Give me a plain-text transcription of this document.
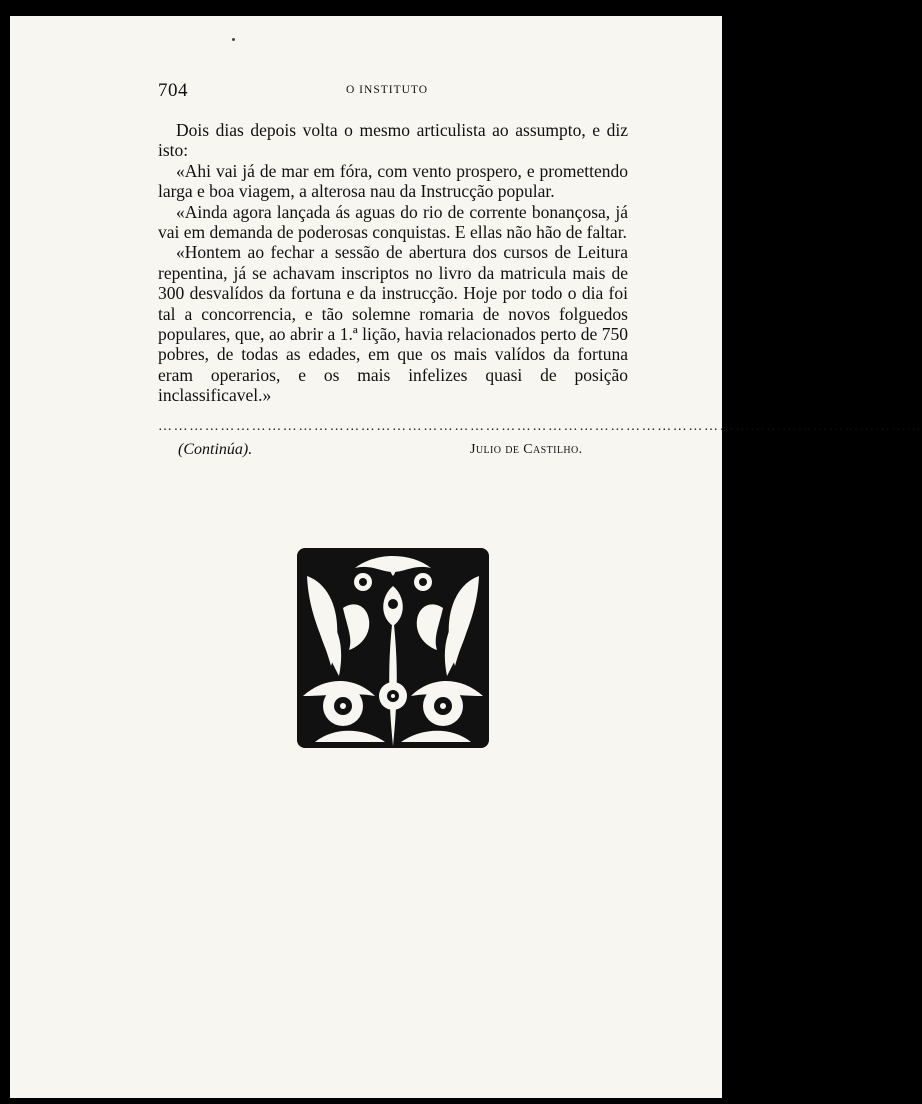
704	O INSTITUTO

Dois dias depois volta o mesmo articulista ao assumpto, e diz isto:

«Ahi vai já de mar em fóra, com vento prospero, e promettendo larga e boa viagem, a alterosa nau da Instrucção popular.

«Ainda agora lançada ás aguas do rio de corrente bonançosa, já vai em demanda de poderosas conquistas. E ellas não hão de faltar.

«Hontem ao fechar a sessão de abertura dos cursos de Leitura repentina, já se achavam inscriptos no livro da matricula mais de 300 desvalídos da fortuna e da instrucção. Hoje por todo o dia foi tal a concorrencia, e tão solemne romaria de novos folguedos populares, que, ao abrir a 1.ª lição, havia relacionados perto de 750 pobres, de todas as edades, em que os mais valídos da fortuna eram operarios, e os mais infelizes quasi de posição inclassificavel.»

…………………………………………………………………………………………………………………………………
(Continúa).	Julio de Castilho.
